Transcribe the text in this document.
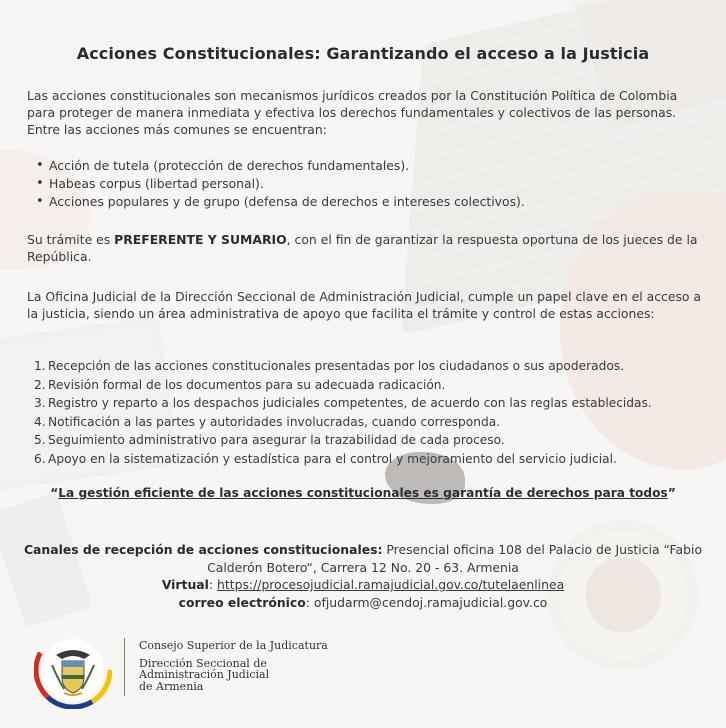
Acciones Constitucionales: Garantizando el acceso a la Justicia

Las acciones constitucionales son mecanismos jurídicos creados por la Constitución Política de Colombia para proteger de manera inmediata y efectiva los derechos fundamentales y colectivos de las personas. Entre las acciones más comunes se encuentran:

• Acción de tutela (protección de derechos fundamentales).
• Habeas corpus (libertad personal).
• Acciones populares y de grupo (defensa de derechos e intereses colectivos).

Su trámite es PREFERENTE Y SUMARIO, con el fin de garantizar la respuesta oportuna de los jueces de la República.

La Oficina Judicial de la Dirección Seccional de Administración Judicial, cumple un papel clave en el acceso a la justicia, siendo un área administrativa de apoyo que facilita el trámite y control de estas acciones:

1. Recepción de las acciones constitucionales presentadas por los ciudadanos o sus apoderados.
2. Revisión formal de los documentos para su adecuada radicación.
3. Registro y reparto a los despachos judiciales competentes, de acuerdo con las reglas establecidas.
4. Notificación a las partes y autoridades involucradas, cuando corresponda.
5. Seguimiento administrativo para asegurar la trazabilidad de cada proceso.
6. Apoyo en la sistematización y estadística para el control y mejoramiento del servicio judicial.

“La gestión eficiente de las acciones constitucionales es garantía de derechos para todos”

Canales de recepción de acciones constitucionales: Presencial oficina 108 del Palacio de Justicia “Fabio Calderón Botero“, Carrera 12 No. 20 - 63. Armenia
Virtual: https://procesojudicial.ramajudicial.gov.co/tutelaenlinea
correo electrónico: ofjudarm@cendoj.ramajudicial.gov.co
Consejo Superior de la Judicatura
Dirección Seccional de
Administración Judicial
de Armenia
